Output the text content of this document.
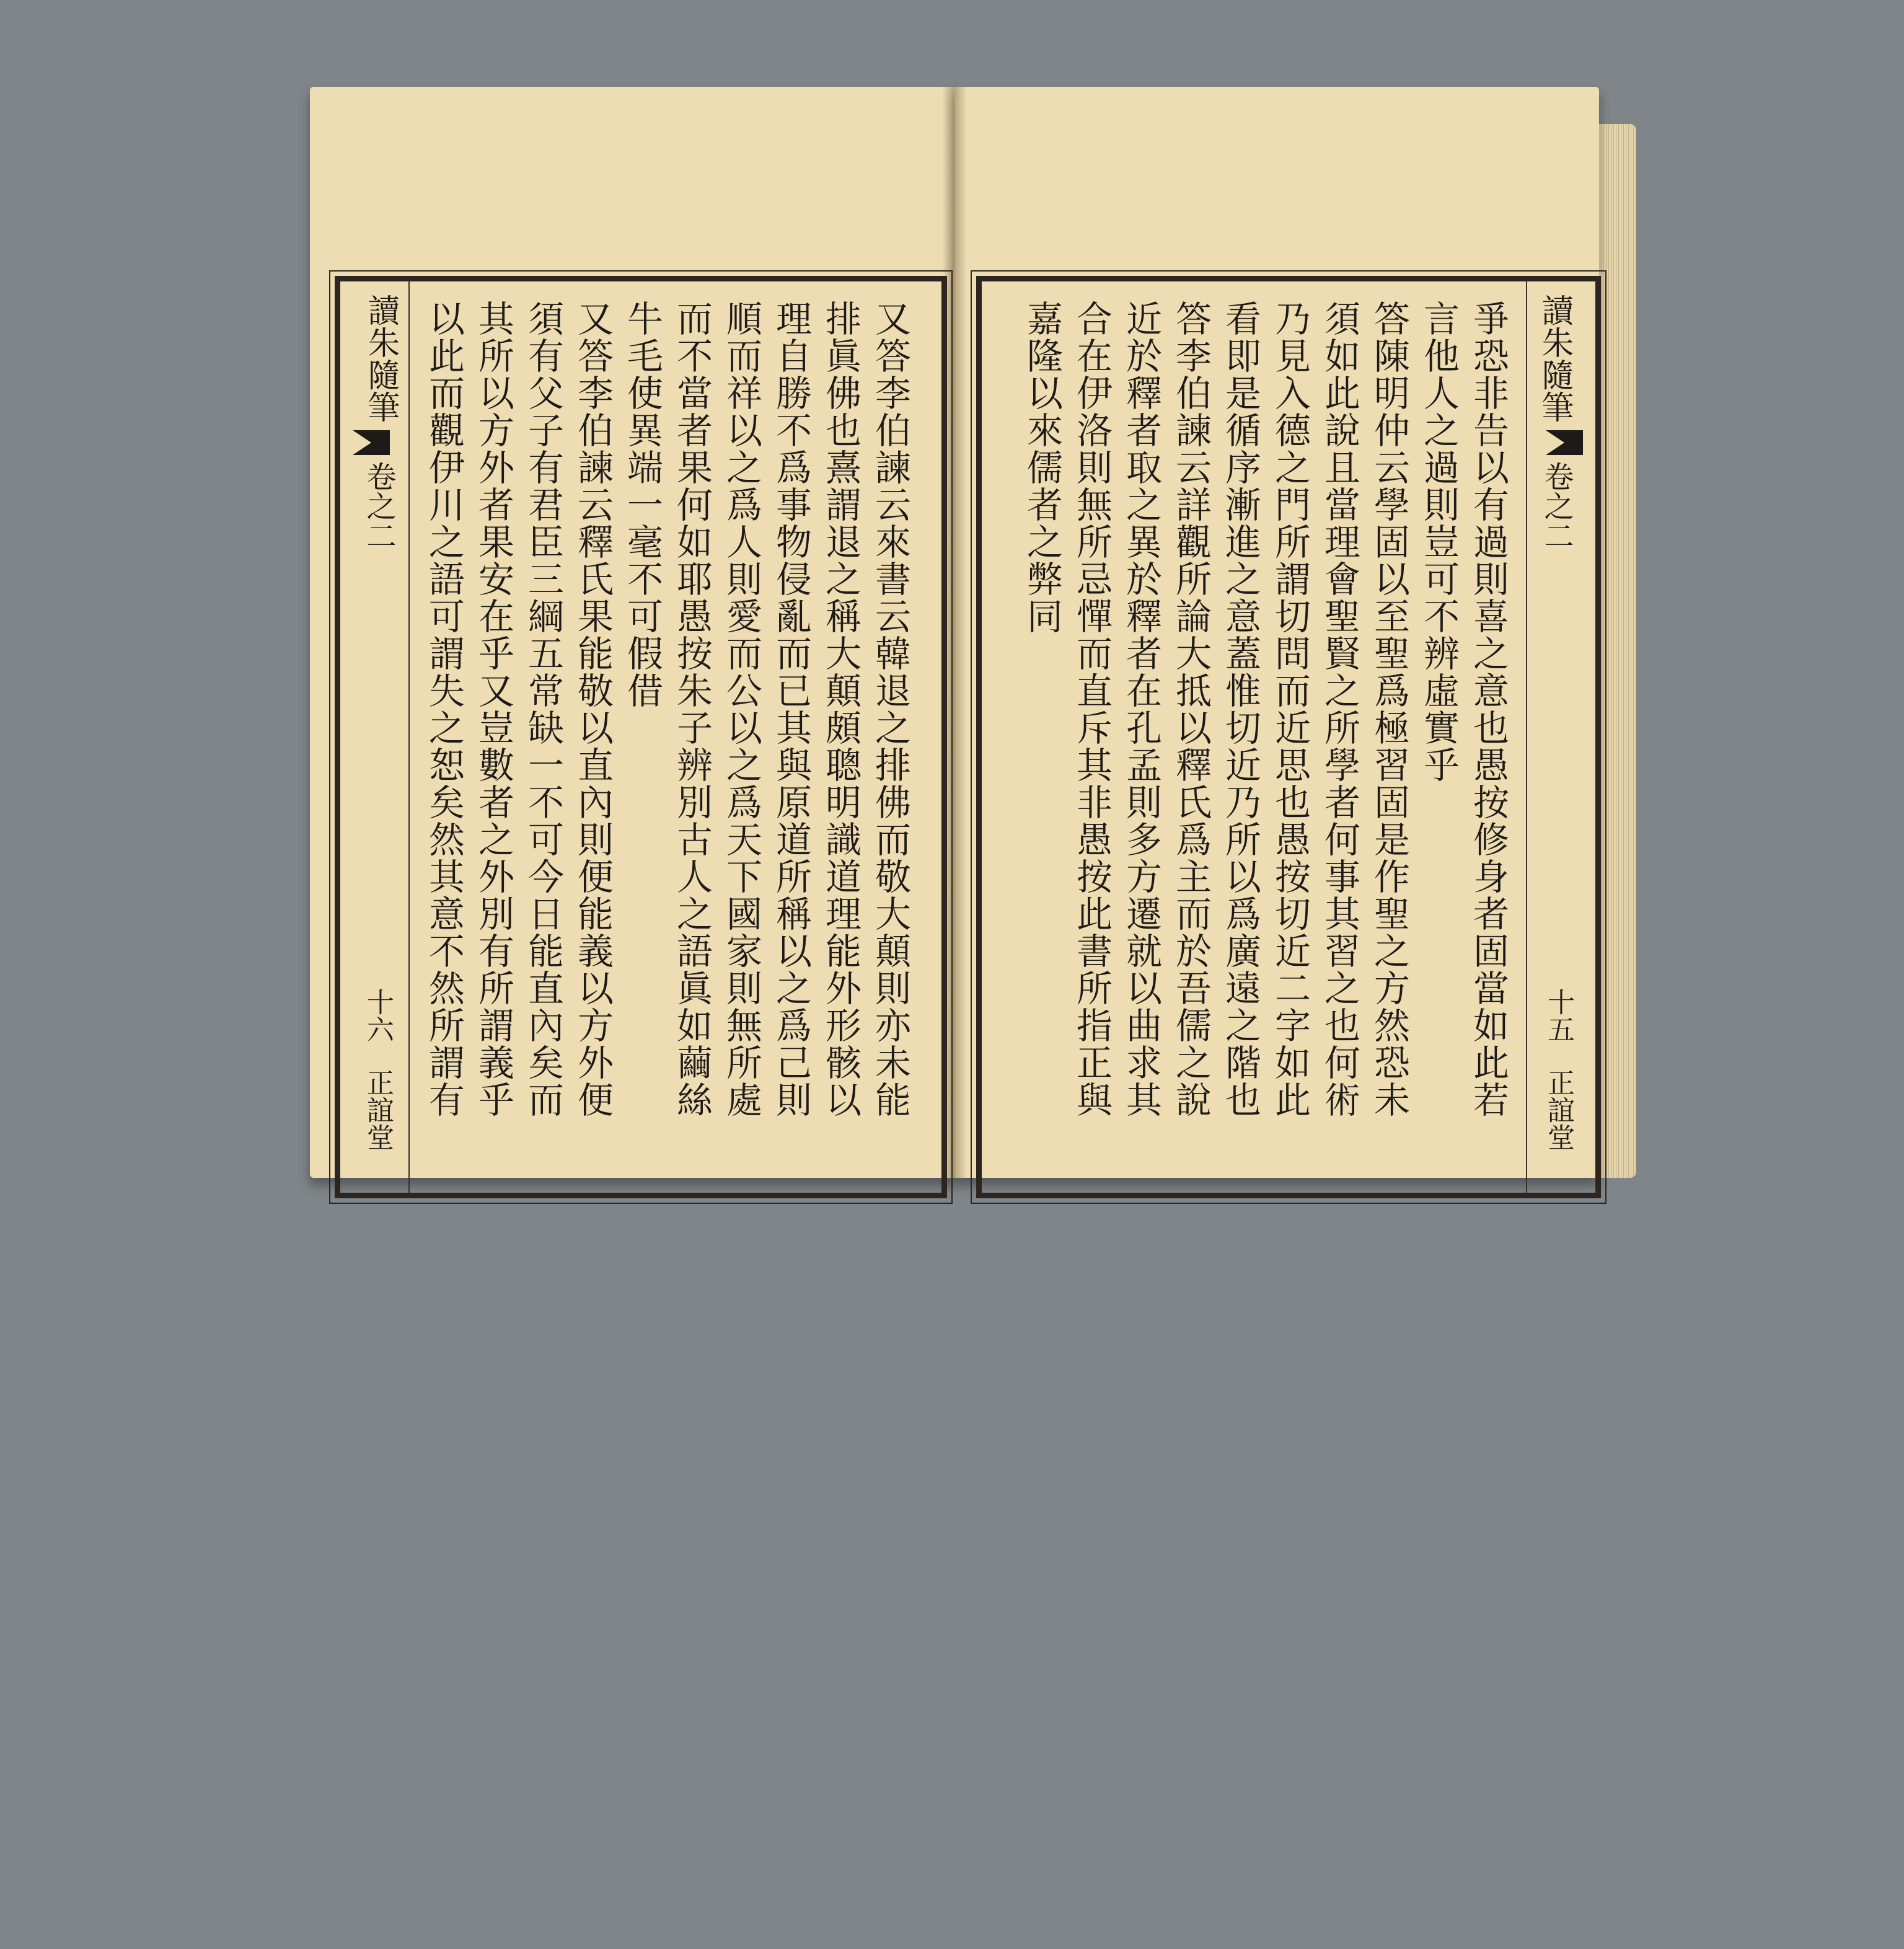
又答李伯諫云來書云韓退之排佛而敬大顛則亦未能
排眞佛也熹謂退之稱大顛頗聰明識道理能外形骸以
理自勝不爲事物侵亂而已其與原道所稱以之爲己則
順而祥以之爲人則愛而公以之爲天下國家則無所處
而不當者果何如耶愚按朱子辨別古人之語眞如繭絲
牛毛使異端一毫不可假借
又答李伯諫云釋氏果能敬以直內則便能義以方外便
須有父子有君臣三綱五常缺一不可今日能直內矣而
其所以方外者果安在乎又豈數者之外別有所謂義乎
以此而觀伊川之語可謂失之恕矣然其意不然所謂有
讀朱隨筆
卷之二
十六
正誼堂	爭恐非告以有過則喜之意也愚按修身者固當如此若
言他人之過則豈可不辨虛實乎
答陳明仲云學固以至聖爲極習固是作聖之方然恐未
須如此說且當理會聖賢之所學者何事其習之也何術
乃見入德之門所謂切問而近思也愚按切近二字如此
看即是循序漸進之意蓋惟切近乃所以爲廣遠之階也
答李伯諫云詳觀所論大抵以釋氏爲主而於吾儒之說
近於釋者取之異於釋者在孔孟則多方遷就以曲求其
合在伊洛則無所忌憚而直斥其非愚按此書所指正與
嘉隆以來儒者之弊同	讀朱隨筆
卷之二
十五
正誼堂
